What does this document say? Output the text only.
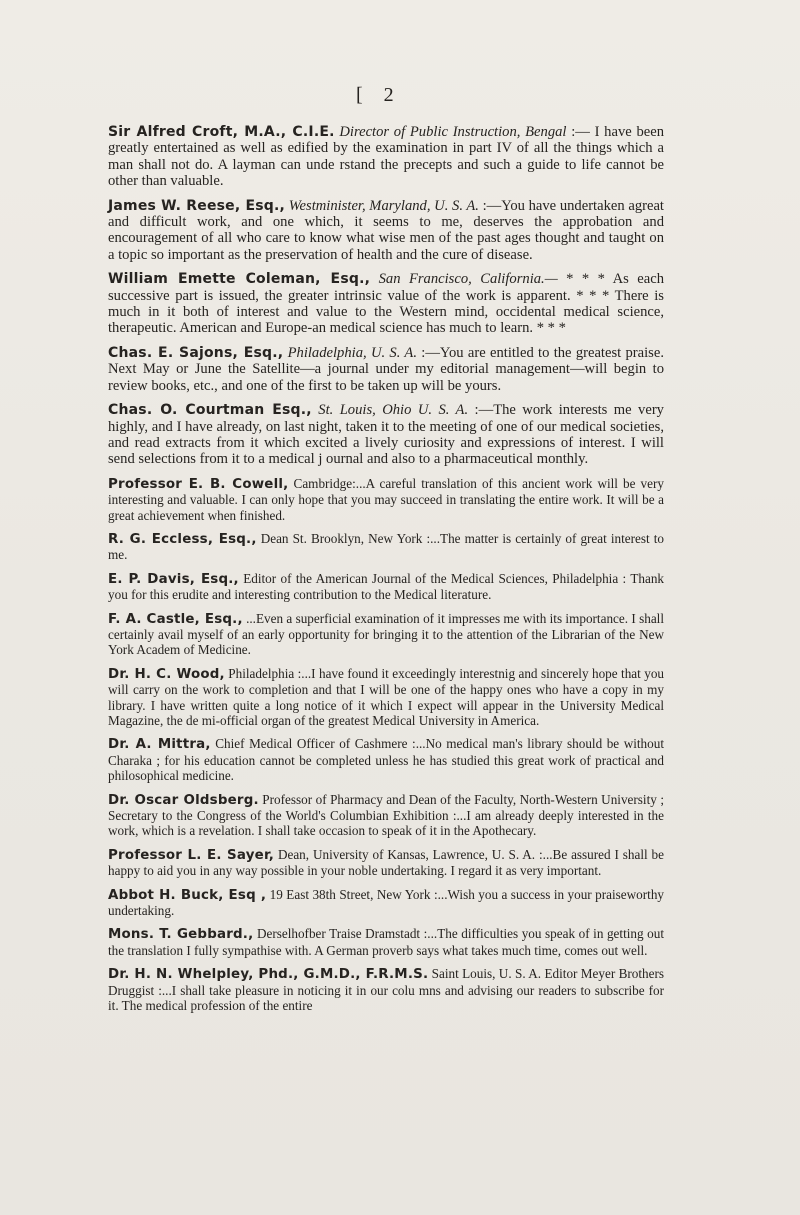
[ 2

Sir Alfred Croft, M.A., C.I.E. Director of Public Instruction, Bengal :— I have been greatly entertained as well as edified by the examination in part IV of all the things which a man shall not do. A layman can unde rstand the precepts and such a guide to life cannot be other than valuable.

James W. Reese, Esq., Westminister, Maryland, U. S. A. :—You have undertaken agreat and difficult work, and one which, it seems to me, deserves the approbation and encouragement of all who care to know what wise men of the past ages thought and taught on a topic so important as the preservation of health and the cure of disease.

William Emette Coleman, Esq., San Francisco, California.— * * * As each successive part is issued, the greater intrinsic value of the work is apparent. * * * There is much in it both of interest and value to the Western mind, occidental medical science, therapeutic. American and Europe-an medical science has much to learn. * * *

Chas. E. Sajons, Esq., Philadelphia, U. S. A. :—You are entitled to the greatest praise. Next May or June the Satellite—a journal under my editorial management—will begin to review books, etc., and one of the first to be taken up will be yours.

Chas. O. Courtman Esq., St. Louis, Ohio U. S. A. :—The work interests me very highly, and I have already, on last night, taken it to the meeting of one of our medical societies, and read extracts from it which excited a lively curiosity and expressions of interest. I will send selections from it to a medical j ournal and also to a pharmaceutical monthly.

Professor E. B. Cowell, Cambridge:...A careful translation of this ancient work will be very interesting and valuable. I can only hope that you may succeed in translating the entire work. It will be a great achievement when finished.

R. G. Eccless, Esq., Dean St. Brooklyn, New York :...The matter is certainly of great interest to me.

E. P. Davis, Esq., Editor of the American Journal of the Medical Sciences, Philadelphia : Thank you for this erudite and interesting contribution to the Medical literature.

F. A. Castle, Esq., ...Even a superficial examination of it impresses me with its importance. I shall certainly avail myself of an early opportunity for bringing it to the attention of the Librarian of the New York Academ of Medicine.

Dr. H. C. Wood, Philadelphia :...I have found it exceedingly interestnig and sincerely hope that you will carry on the work to completion and that I will be one of the happy ones who have a copy in my library. I have written quite a long notice of it which I expect will appear in the University Medical Magazine, the de mi-official organ of the greatest Medical University in America.

Dr. A. Mittra, Chief Medical Officer of Cashmere :...No medical man's library should be without Charaka ; for his education cannot be completed unless he has studied this great work of practical and philosophical medicine.

Dr. Oscar Oldsberg. Professor of Pharmacy and Dean of the Faculty, North-Western University ; Secretary to the Congress of the World's Columbian Exhibition :...I am already deeply interested in the work, which is a revelation. I shall take occasion to speak of it in the Apothecary.

Professor L. E. Sayer, Dean, University of Kansas, Lawrence, U. S. A. :...Be assured I shall be happy to aid you in any way possible in your noble undertaking. I regard it as very important.

Abbot H. Buck, Esq , 19 East 38th Street, New York :...Wish you a success in your praiseworthy undertaking.

Mons. T. Gebbard., Derselhofber Traise Dramstadt :...The difficulties you speak of in getting out the translation I fully sympathise with. A German proverb says what takes much time, comes out well.

Dr. H. N. Whelpley, Phd., G.M.D., F.R.M.S. Saint Louis, U. S. A. Editor Meyer Brothers Druggist :...I shall take pleasure in noticing it in our colu mns and advising our readers to subscribe for it. The medical profession of the entire
